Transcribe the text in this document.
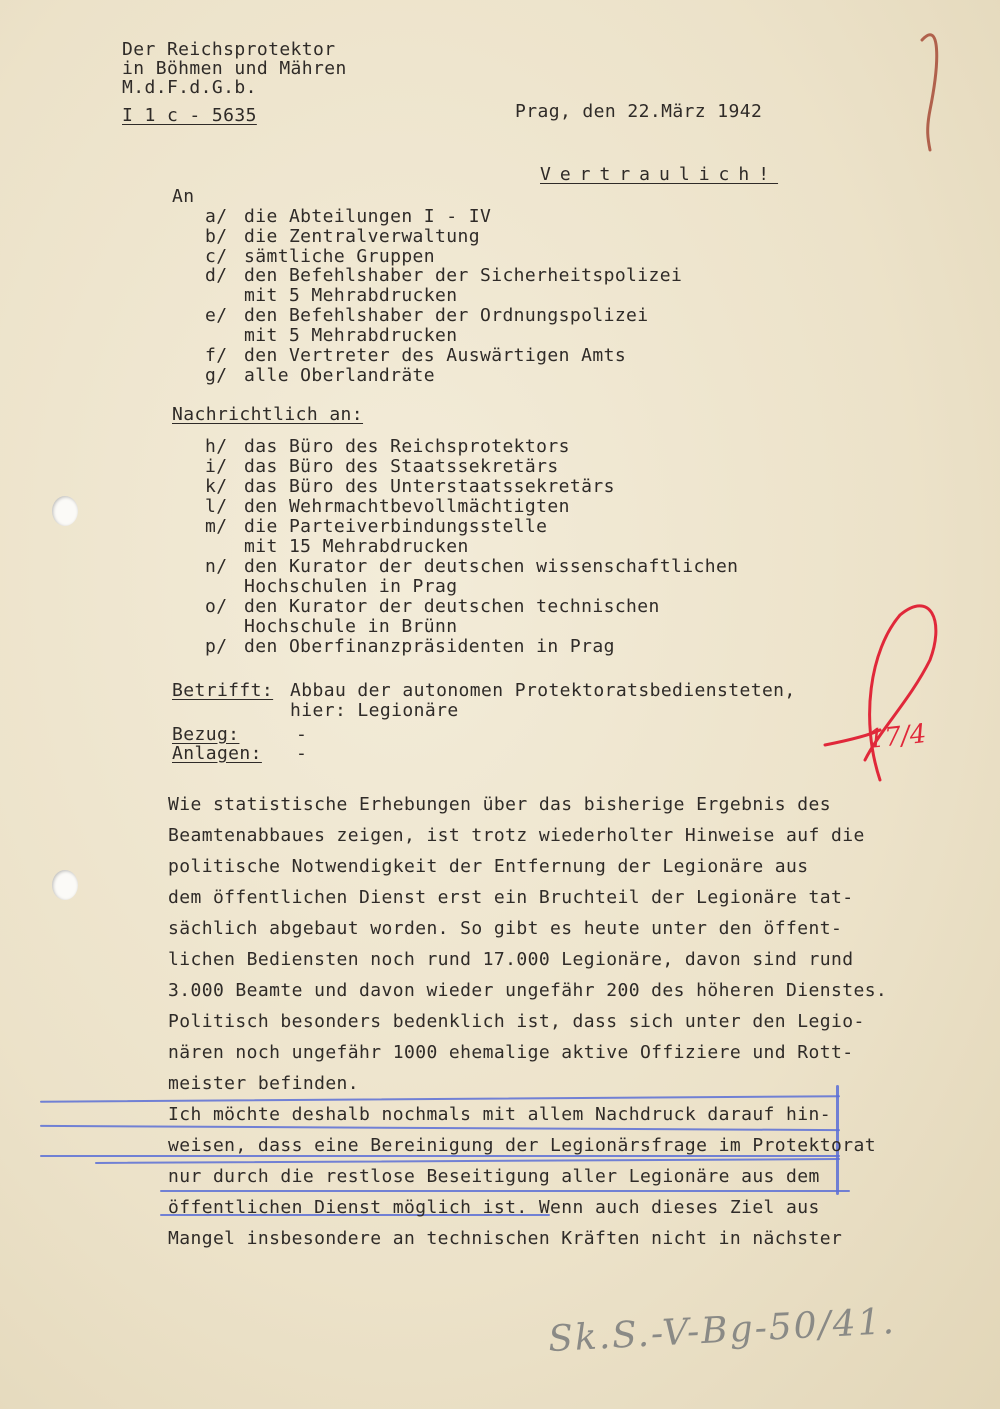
Der Reichsprotektor
in Böhmen und Mähren
M.d.F.d.G.b.
I 1 c - 5635	Prag, den 22.März 1942
Vertraulich!
An
a/ die Abteilungen I - IV
b/ die Zentralverwaltung
c/ sämtliche Gruppen
d/ den Befehlshaber der Sicherheitspolizei
mit 5 Mehrabdrucken
e/ den Befehlshaber der Ordnungspolizei
mit 5 Mehrabdrucken
f/ den Vertreter des Auswärtigen Amts
g/ alle Oberlandräte
Nachrichtlich an:
h/ das Büro des Reichsprotektors
i/ das Büro des Staatssekretärs
k/ das Büro des Unterstaatssekretärs
l/ den Wehrmachtbevollmächtigten
m/ die Parteiverbindungsstelle
mit 15 Mehrabdrucken
n/ den Kurator der deutschen wissenschaftlichen
Hochschulen in Prag
o/ den Kurator der deutschen technischen
Hochschule in Brünn
p/ den Oberfinanzpräsidenten in Prag
Betrifft: Abbau der autonomen Protektoratsbediensteten,
hier: Legionäre
Bezug:	-
Anlagen: -
Wie statistische Erhebungen über das bisherige Ergebnis des
Beamtenabbaues zeigen, ist trotz wiederholter Hinweise auf die
politische Notwendigkeit der Entfernung der Legionäre aus
dem öffentlichen Dienst erst ein Bruchteil der Legionäre tat-
sächlich abgebaut worden. So gibt es heute unter den öffent-
lichen Bediensten noch rund 17.000 Legionäre, davon sind rund
3.000 Beamte und davon wieder ungefähr 200 des höheren Dienstes.
Politisch besonders bedenklich ist, dass sich unter den Legio-
nären noch ungefähr 1000 ehemalige aktive Offiziere und Rott-
meister befinden.
Ich möchte deshalb nochmals mit allem Nachdruck darauf hin-
weisen, dass eine Bereinigung der Legionärsfrage im Protektorat
nur durch die restlose Beseitigung aller Legionäre aus dem
öffentlichen Dienst möglich ist. Wenn auch dieses Ziel aus
Mangel insbesondere an technischen Kräften nicht in nächster
17/4
Sk.S.-V-Bg-50/41.
